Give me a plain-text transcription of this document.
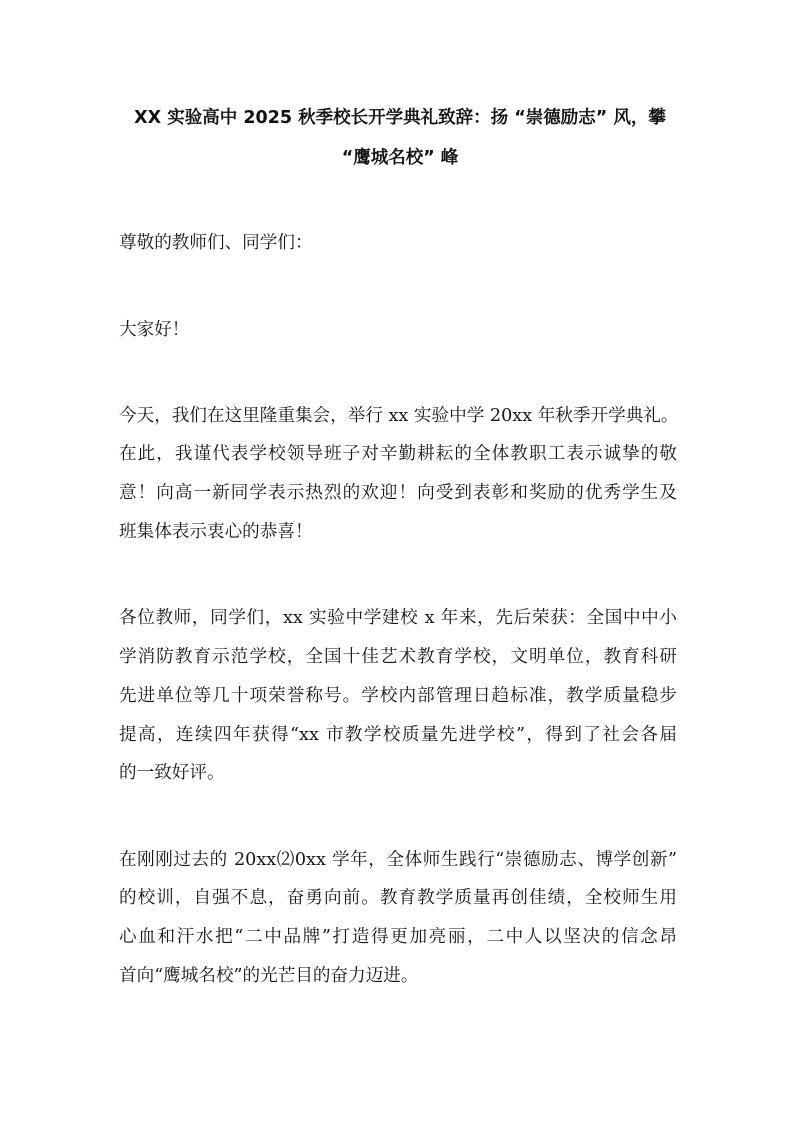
XX 实验高中 2025 秋季校长开学典礼致辞：扬 “崇德励志” 风，攀
“鹰城名校” 峰
尊敬的教师们、同学们：
大家好！
今天，我们在这里隆重集会，举行 xx 实验中学 20xx 年秋季开学典礼。
在此，我谨代表学校领导班子对辛勤耕耘的全体教职工表示诚挚的敬
意！向高一新同学表示热烈的欢迎！向受到表彰和奖励的优秀学生及
班集体表示衷心的恭喜！
各位教师，同学们，xx 实验中学建校 x 年来，先后荣获：全国中中小
学消防教育示范学校，全国十佳艺术教育学校，文明单位，教育科研
先进单位等几十项荣誉称号。学校内部管理日趋标准，教学质量稳步
提高，连续四年获得“xx 市教学校质量先进学校”，得到了社会各届
的一致好评。
在刚刚过去的 20xx⑵0xx 学年，全体师生践行“崇德励志、博学创新”
的校训，自强不息，奋勇向前。教育教学质量再创佳绩，全校师生用
心血和汗水把“二中品牌”打造得更加亮丽，二中人以坚决的信念昂
首向“鹰城名校”的光芒目的奋力迈进。
